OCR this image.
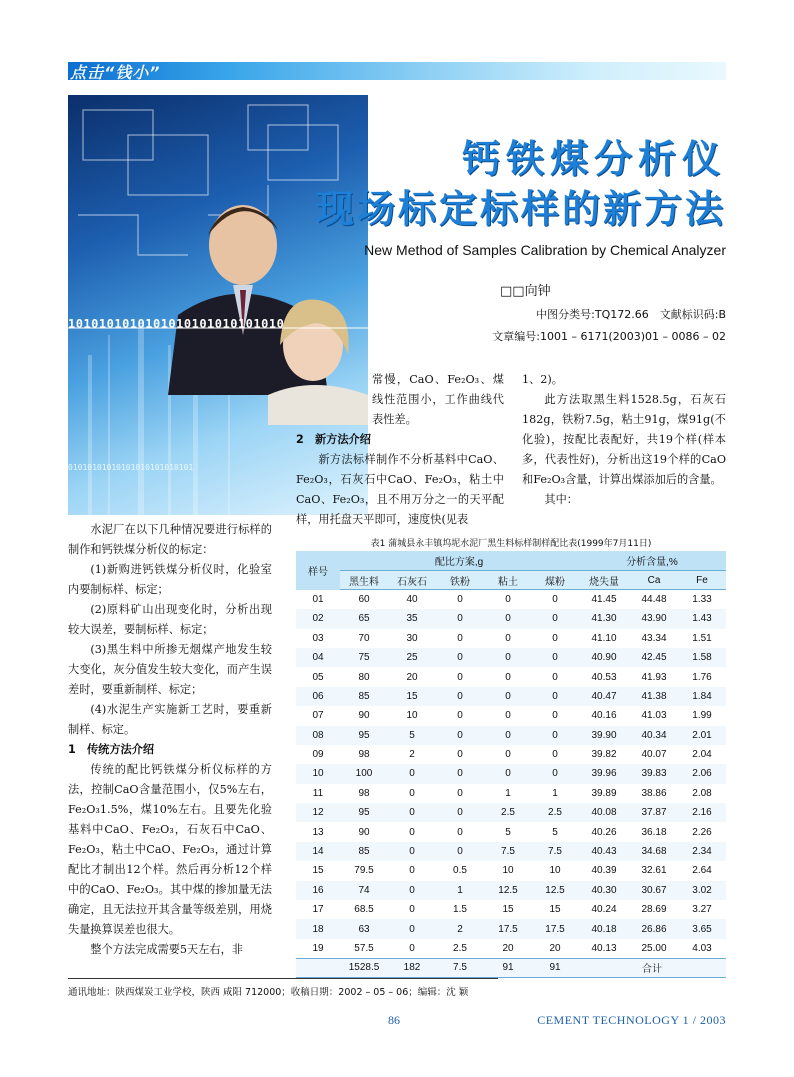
点击“钱小”
1010101010101010101010101010
01010101010101010101010101
钙铁煤分析仪
现场标定标样的新方法
New Method of Samples Calibration by Chemical Analyzer
□□向钟
中图分类号:TQ172.66　文献标识码:B
文章编号:1001 – 6171(2003)01 – 0086 – 02
常慢，CaO、Fe₂O₃、煤线性范围小，工作曲线代表性差。
2　新方法介绍
新方法标样制作不分析基料中CaO、Fe₂O₃，石灰石中CaO、Fe₂O₃，粘土中CaO、Fe₂O₃，且不用万分之一的天平配样，用托盘天平即可，速度快(见表
1、2)。
此方法取黑生料1528.5g，石灰石182g，铁粉7.5g，粘土91g，煤91g(不化验)，按配比表配好，共19个样(样本多，代表性好)，分析出这19个样的CaO和Fe₂O₃含量，计算出煤添加后的含量。
其中：
水泥厂在以下几种情况要进行标样的制作和钙铁煤分析仪的标定：
(1)新购进钙铁煤分析仪时，化验室内要制标样、标定；
(2)原料矿山出现变化时，分析出现较大误差，要制标样、标定；
(3)黑生料中所掺无烟煤产地发生较大变化，灰分值发生较大变化，而产生误差时，要重新制样、标定；
(4)水泥生产实施新工艺时，要重新制样、标定。
1　传统方法介绍
传统的配比钙铁煤分析仪标样的方法，控制CaO含量范围小，仅5%左右，Fe₂O₃1.5%，煤10%左右。且要先化验基料中CaO、Fe₂O₃，石灰石中CaO、Fe₂O₃，粘土中CaO、Fe₂O₃，通过计算配比才制出12个样。然后再分析12个样中的CaO、Fe₂O₃。其中煤的掺加量无法确定，且无法拉开其含量等级差别，用烧失量换算误差也很大。
整个方法完成需要5天左右，非
表1 蒲城县永丰镇坞坭水泥厂黑生料标样制样配比表(1999年7月11日)
样号	配比方案,g					分析含量,%		
	黑生料	石灰石	铁粉	粘土	煤粉	烧失量	Ca	Fe
01	60	40	0	0	0	41.45	44.48	1.33
02	65	35	0	0	0	41.30	43.90	1.43
03	70	30	0	0	0	41.10	43.34	1.51
04	75	25	0	0	0	40.90	42.45	1.58
05	80	20	0	0	0	40.53	41.93	1.76
06	85	15	0	0	0	40.47	41.38	1.84
07	90	10	0	0	0	40.16	41.03	1.99
08	95	5	0	0	0	39.90	40.34	2.01
09	98	2	0	0	0	39.82	40.07	2.04
10	100	0	0	0	0	39.96	39.83	2.06
11	98	0	0	1	1	39.89	38.86	2.08
12	95	0	0	2.5	2.5	40.08	37.87	2.16
13	90	0	0	5	5	40.26	36.18	2.26
14	85	0	0	7.5	7.5	40.43	34.68	2.34
15	79.5	0	0.5	10	10	40.39	32.61	2.64
16	74	0	1	12.5	12.5	40.30	30.67	3.02
17	68.5	0	1.5	15	15	40.24	28.69	3.27
18	63	0	2	17.5	17.5	40.18	26.86	3.65
19	57.5	0	2.5	20	20	40.13	25.00	4.03
	1528.5	182	7.5	91	91	合计		
通讯地址：陕西煤炭工业学校，陕西 咸阳 712000；收稿日期：2002 – 05 – 06；编辑：沈 颖
86	CEMENT TECHNOLOGY 1 / 2003
